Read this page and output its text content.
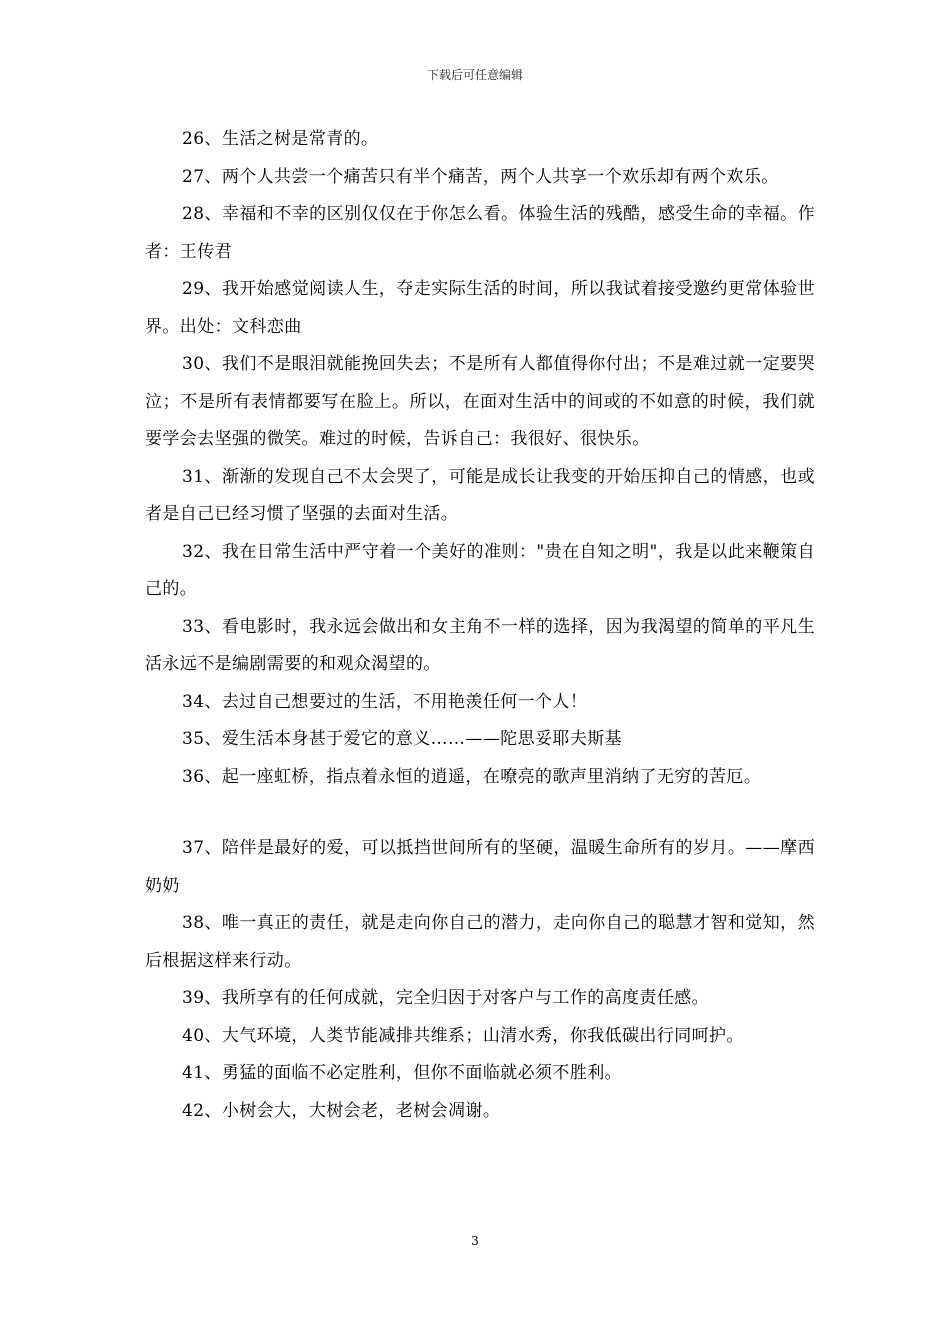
下载后可任意编辑

26、生活之树是常青的。

27、两个人共尝一个痛苦只有半个痛苦，两个人共享一个欢乐却有两个欢乐。

28、幸福和不幸的区别仅仅在于你怎么看。体验生活的残酷，感受生命的幸福。作者：王传君

29、我开始感觉阅读人生，夺走实际生活的时间，所以我试着接受邀约更常体验世界。出处：文科恋曲

30、我们不是眼泪就能挽回失去；不是所有人都值得你付出；不是难过就一定要哭泣；不是所有表情都要写在脸上。所以，在面对生活中的间或的不如意的时候，我们就要学会去坚强的微笑。难过的时候，告诉自己：我很好、很快乐。

31、渐渐的发现自己不太会哭了，可能是成长让我变的开始压抑自己的情感，也或者是自己已经习惯了坚强的去面对生活。

32、我在日常生活中严守着一个美好的准则："贵在自知之明"，我是以此来鞭策自己的。

33、看电影时，我永远会做出和女主角不一样的选择，因为我渴望的简单的平凡生活永远不是编剧需要的和观众渴望的。

34、去过自己想要过的生活，不用艳羡任何一个人！

35、爱生活本身甚于爱它的意义……——陀思妥耶夫斯基

36、起一座虹桥，指点着永恒的逍遥，在嘹亮的歌声里消纳了无穷的苦厄。

37、陪伴是最好的爱，可以抵挡世间所有的坚硬，温暖生命所有的岁月。——摩西奶奶

38、唯一真正的责任，就是走向你自己的潜力，走向你自己的聪慧才智和觉知，然后根据这样来行动。

39、我所享有的任何成就，完全归因于对客户与工作的高度责任感。

40、大气环境，人类节能减排共维系；山清水秀，你我低碳出行同呵护。

41、勇猛的面临不必定胜利，但你不面临就必须不胜利。

42、小树会大，大树会老，老树会凋谢。

3
